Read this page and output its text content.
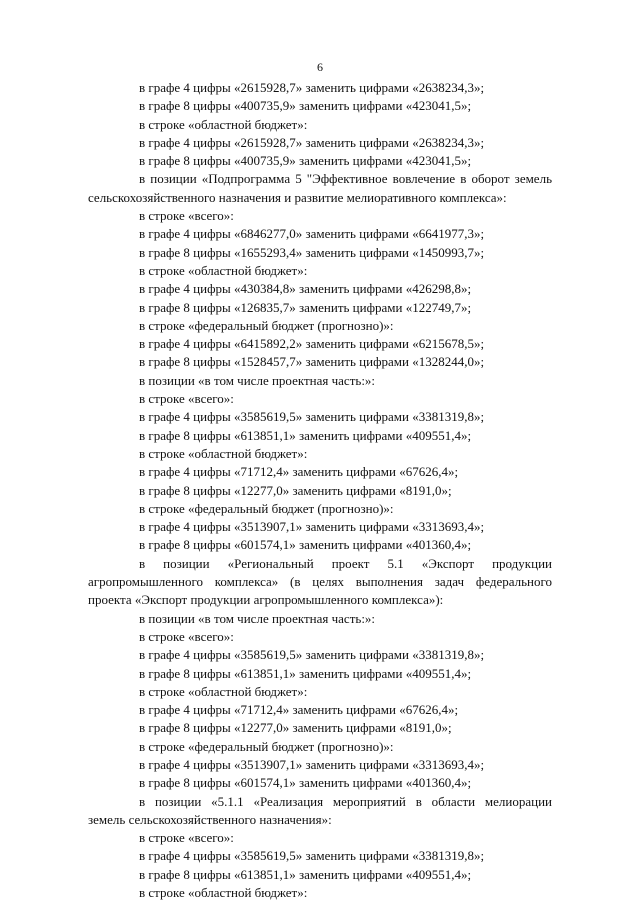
6
в графе 4 цифры «2615928,7» заменить цифрами «2638234,3»;
в графе 8 цифры «400735,9» заменить цифрами «423041,5»;
в строке «областной бюджет»:
в графе 4 цифры «2615928,7» заменить цифрами «2638234,3»;
в графе 8 цифры «400735,9» заменить цифрами «423041,5»;
в позиции «Подпрограмма 5 "Эффективное вовлечение в оборот земель
сельскохозяйственного назначения и развитие мелиоративного комплекса»:
в строке «всего»:
в графе 4 цифры «6846277,0» заменить цифрами «6641977,3»;
в графе 8 цифры «1655293,4» заменить цифрами «1450993,7»;
в строке «областной бюджет»:
в графе 4 цифры «430384,8» заменить цифрами «426298,8»;
в графе 8 цифры «126835,7» заменить цифрами «122749,7»;
в строке «федеральный бюджет (прогнозно)»:
в графе 4 цифры «6415892,2» заменить цифрами «6215678,5»;
в графе 8 цифры «1528457,7» заменить цифрами «1328244,0»;
в позиции «в том числе проектная часть:»:
в строке «всего»:
в графе 4 цифры «3585619,5» заменить цифрами «3381319,8»;
в графе 8 цифры «613851,1» заменить цифрами «409551,4»;
в строке «областной бюджет»:
в графе 4 цифры «71712,4» заменить цифрами «67626,4»;
в графе 8 цифры «12277,0» заменить цифрами «8191,0»;
в строке «федеральный бюджет (прогнозно)»:
в графе 4 цифры «3513907,1» заменить цифрами «3313693,4»;
в графе 8 цифры «601574,1» заменить цифрами «401360,4»;
в позиции «Региональный проект 5.1 «Экспорт продукции
агропромышленного комплекса» (в целях выполнения задач федерального
проекта «Экспорт продукции агропромышленного комплекса»):
в позиции «в том числе проектная часть:»:
в строке «всего»:
в графе 4 цифры «3585619,5» заменить цифрами «3381319,8»;
в графе 8 цифры «613851,1» заменить цифрами «409551,4»;
в строке «областной бюджет»:
в графе 4 цифры «71712,4» заменить цифрами «67626,4»;
в графе 8 цифры «12277,0» заменить цифрами «8191,0»;
в строке «федеральный бюджет (прогнозно)»:
в графе 4 цифры «3513907,1» заменить цифрами «3313693,4»;
в графе 8 цифры «601574,1» заменить цифрами «401360,4»;
в позиции «5.1.1 «Реализация мероприятий в области мелиорации
земель сельскохозяйственного назначения»:
в строке «всего»:
в графе 4 цифры «3585619,5» заменить цифрами «3381319,8»;
в графе 8 цифры «613851,1» заменить цифрами «409551,4»;
в строке «областной бюджет»:
